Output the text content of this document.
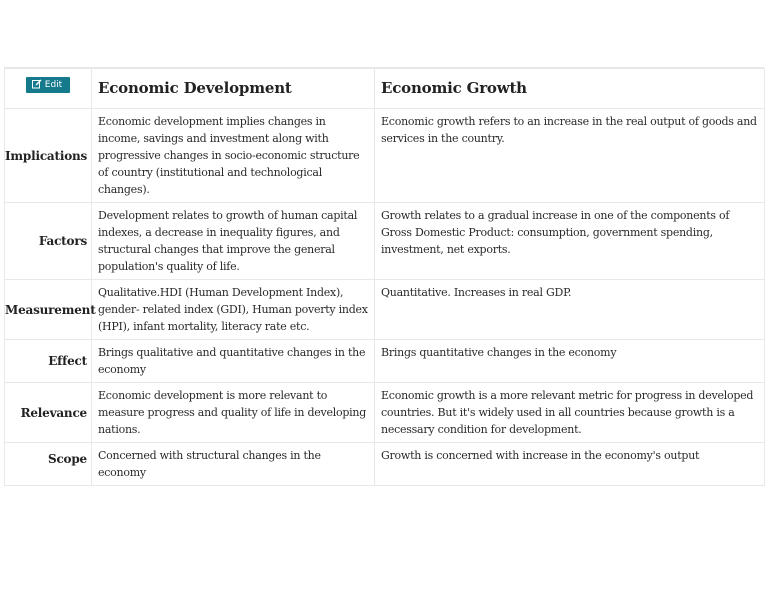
Edit	Economic Development	Economic Growth
Implications	Economic development implies changes in income, savings and investment along with progressive changes in socio-economic structure of country (institutional and technological changes).	Economic growth refers to an increase in the real output of goods and services in the country.
Factors	Development relates to growth of human capital indexes, a decrease in inequality figures, and structural changes that improve the general population's quality of life.	Growth relates to a gradual increase in one of the components of Gross Domestic Product: consumption, government spending, investment, net exports.
Measurement	Qualitative.HDI (Human Development Index), gender- related index (GDI), Human poverty index (HPI), infant mortality, literacy rate etc.	Quantitative. Increases in real GDP.
Effect	Brings qualitative and quantitative changes in the economy	Brings quantitative changes in the economy
Relevance	Economic development is more relevant to measure progress and quality of life in developing nations.	Economic growth is a more relevant metric for progress in developed countries. But it's widely used in all countries because growth is a necessary condition for development.
Scope	Concerned with structural changes in the economy	Growth is concerned with increase in the economy's output
